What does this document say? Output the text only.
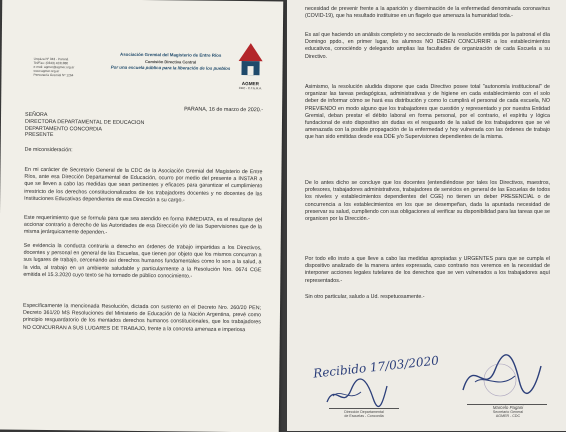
Urquiza Nº 943 - Paraná
Tel/Fax: (0343) 4231880
e-mail: agmer@agmer.org.ar
www.agmer.org.ar
Personería Gremial Nº 1264
Asociación Gremial del Magisterio de Entre Ríos
Comisión Directiva Central
Por una escuela pública para la liberación de los pueblos
AGMER
CDC - C.T.E.R.A.
PARANA, 16 de marzo de 2020.-
SEÑORA
DIRECTORA DEPARTAMENTAL DE EDUCACION
DEPARTAMENTO CONCORDIA
PRESENTE
De miconsideración:
En mi carácter de Secretario General de la CDC de la Asociación Gremial del Magisterio de Entre Ríos, ante esa Dirección Departamental de Educación, ocurro por medio del presente a INSTAR a que se lleven a cabo las medidas que sean pertinentes y eficaces para garantizar el cumplimiento irrestricto de los derechos constitucionalizados de los trabajadores docentes y no docentes de las Instituciones Educativas dependientes de esa Dirección a su cargo.-
Este requerimiento que se formula para que sea atendido en forma INMEDIATA, es el resultante del accionar contrario a derecho de las Autoridades de esa Dirección y/o de las Supervisiones que de la misma jerárquicamente dependen.-
Se evidencia la conducta contraria a derecho en órdenes de trabajo impartidas a los Directivos, docentes y personal en general de las Escuelas, que tienen por objeto que los mismos concurran a sus lugares de trabajo, cercenando así derechos humanos fundamentales como lo son a la salud, a la vida, al trabajo en un ambiente saludable y particularmente a la Resolución Nro. 0674 CGE emitida el 15.3.2020 cuyo texto se ha tornado de público conocimiento.-
Específicamente la mencionada Resolución, dictada con sustento en el Decreto Nro. 260/20 PEN; Decreto 361/20 MS Resoluciones del Ministerio de Educación de la Nación Argentina, prevé como principio resguardatorio de los mentados derechos humanos constitucionales, que los trabajadores NO CONCURRAN A SUS LUGARES DE TRABAJO, frente a la concreta amenaza e imperiosa
necesidad de prevenir frente a la aparición y diseminación de la enfermedad denominada coronavirus (COVID-19), que ha resultado instituirse en un flagelo que amenaza la humanidad toda.-
Es así que haciendo un análisis completo y no seccionado de la resolución emitida por la patronal el día Domingo ppdo., en primer lugar, los alumnos NO DEBEN CONCURRIR a los establecimientos educativos, conociéndo y delegando amplias las facultades de organización de cada Escuela a su Directivo.
Asimismo, la resolución aludida dispone que cada Directivo posee total "autonomía institucional" de organizar las tareas pedagógicas, administrativas y de higiene en cada establecimiento con el solo deber de informar cómo se hará esa distribución y como lo cumplirá el personal de cada escuela, NO PREVIENDO en modo alguno que los trabajadores que cuestión y representado y por nuestra Entidad Gremial, deban prestar el débito laboral en forma personal, por el contrario, el espíritu y lógica fundacional de esto dispositivo sin dudas es el resguardo de la salud de los trabajadores que se vé amenazada con la posible propagación de la enfermedad y hoy vulnerada con las órdenes de trabajo que han sido emitidas desde esa DDE y/o Supervisiones dependientes de la misma.
De lo antes dicho se concluye que los docentes (entendiéndose por tales los Directivos, maestros, profesores, trabajadores administrativos, trabajadores de servicios en general de las Escuelas de todos los niveles y establecimientos dependientes del CGE) no tienen un deber PRESENCIAL o de concurrencia a los establecimientos en los que se desempeñan, dada la apuntada necesidad de preservar su salud, cumpliendo con sus obligaciones al verificar su disponibilidad para las tareas que se organicen por la Dirección.-
Por todo ello insto a que lleve a cabo las medidas apropiadas y URGENTES para que se cumpla el dispositivo analizado de la manera antes expresada, caso contrario nos veremos en la necesidad de interponer acciones legales tutelares de los derechos que se ven vulnerados a los trabajadores aquí representados.-
Sin otro particular, saludo a Ud. respetuosamente.-
Recibido 17/03/2020
Dirección Departamental
de Escuelas - Concordia
Marcelo Pagani
Secretario General
AGMER - CDC
